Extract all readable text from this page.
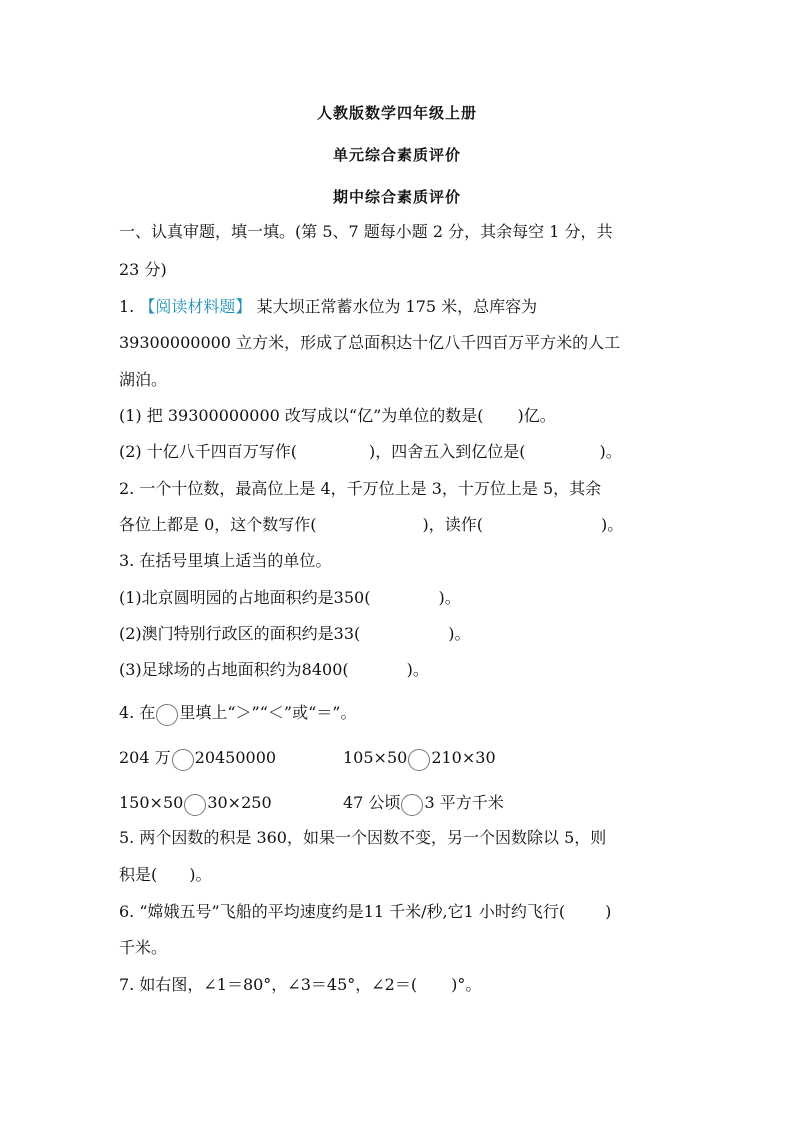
人教版数学四年级上册
单元综合素质评价
期中综合素质评价
一、认真审题，填一填。(第 5、7 题每小题 2 分，其余每空 1 分，共
23 分)
1. 【阅读材料题】 某大坝正常蓄水位为 175 米，总库容为
39300000000 立方米，形成了总面积达十亿八千四百万平方米的人工
湖泊。
(1) 把 39300000000 改写成以“亿”为单位的数是( )亿。
(2) 十亿八千四百万写作(	)，四舍五入到亿位是(	)。
2. 一个十位数，最高位上是 4，千万位上是 3，十万位上是 5，其余
各位上都是 0，这个数写作(	)，读作(	)。
3. 在括号里填上适当的单位。
(1)北京圆明园的占地面积约是350(	)。
(2)澳门特别行政区的面积约是33(	)。
(3)足球场的占地面积约为8400(	)。
4. 在 里填上“＞”“＜”或“＝”。
204 万 20450000	105×50 210×30
150×50 30×250	47 公顷 3 平方千米
5. 两个因数的积是 360，如果一个因数不变，另一个因数除以 5，则
积是( )。
6. “嫦娥五号”飞船的平均速度约是11 千米/秒,它1 小时约飞行(	)
千米。
7. 如右图，∠1＝80°，∠3＝45°，∠2＝( )°。
